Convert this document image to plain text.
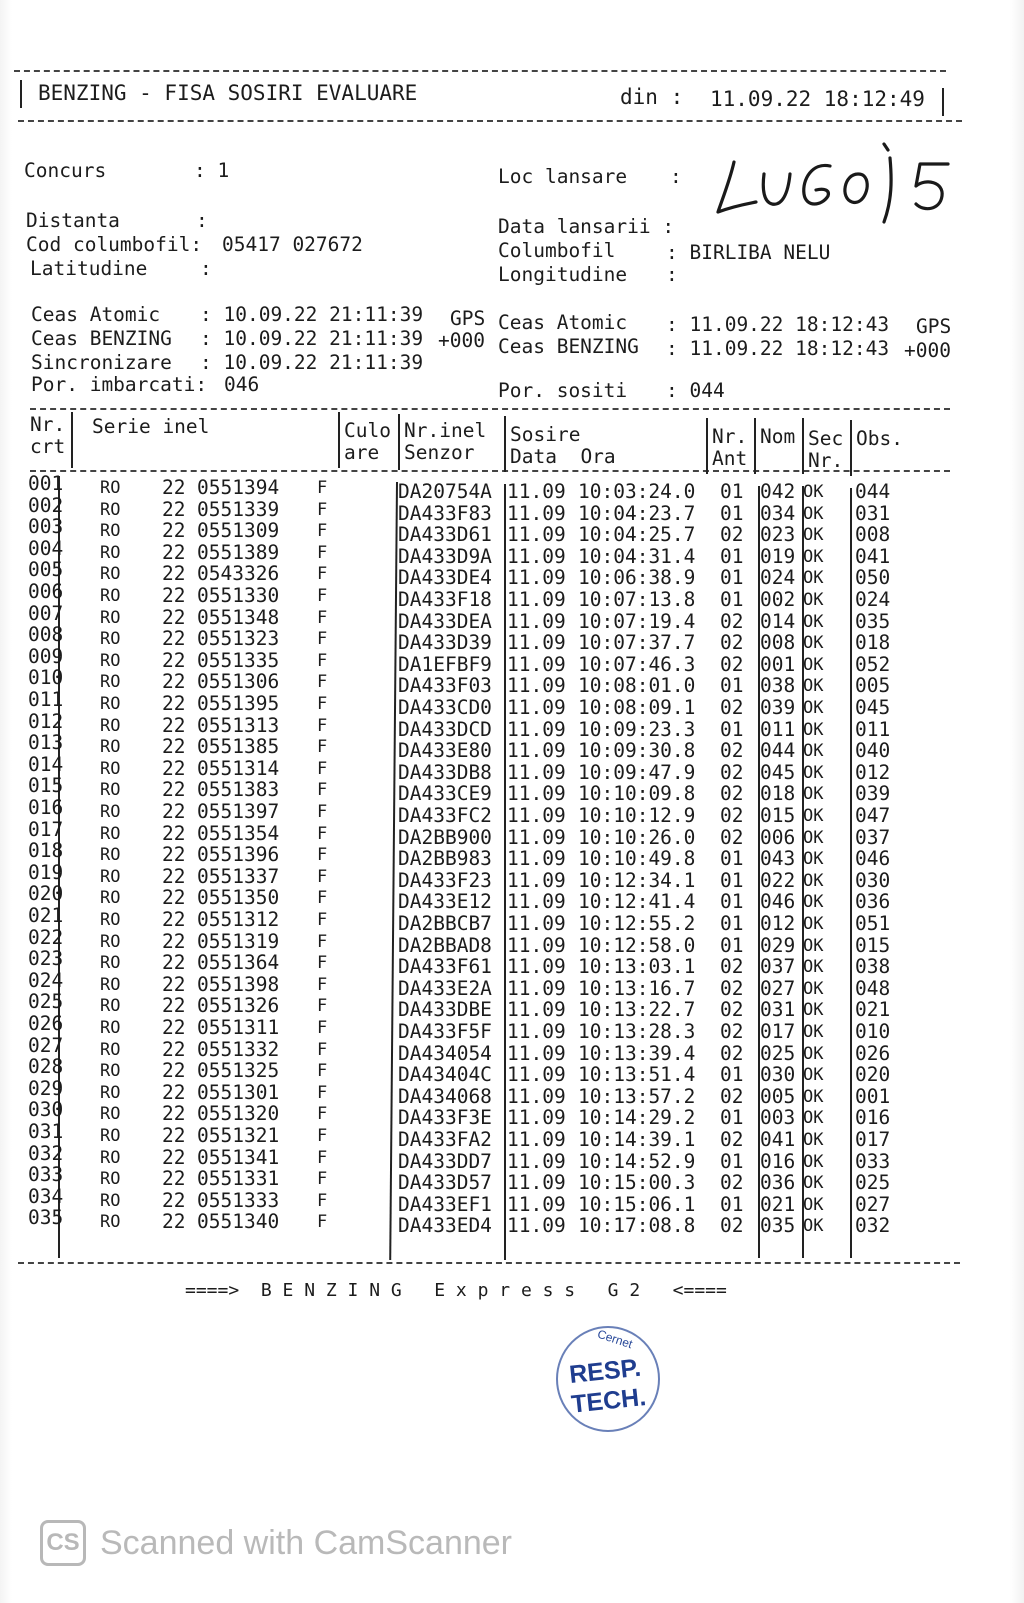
BENZING - FISA SOSIRI EVALUARE	din : 11.09.22 18:12:49
Concurs	: 1	Loc lansare :
LUGOJ 5
Distanta	:
Cod columbofil: 05417 027672
Latitudine	:
Data lansarii :
Columbofil	: BIRLIBA NELU
Longitudine :
Ceas Atomic : 10.09.22 21:11:39 GPS
Ceas BENZING : 10.09.22 21:11:39 +000
Sincronizare : 10.09.22 21:11:39
Por. imbarcati: 046
Ceas Atomic : 11.09.22 18:12:43 GPS
Ceas BENZING : 11.09.22 18:12:43 +000
Por. sositi : 044
Nr.
crt
Serie inel	Culo
are
Nr.inel
Senzor
Sosire
Data  Ora
Nr.
Ant
Nom Sec
Nr.
Obs.
001 RO 22 0551394 F	DA20754A 11.09 10:03:24.0 01 042 OK 044
002 RO 22 0551339 F	DA433F83 11.09 10:04:23.7 01 034 OK 031
003 RO 22 0551309 F	DA433D61 11.09 10:04:25.7 02 023 OK 008
004 RO 22 0551389 F	DA433D9A 11.09 10:04:31.4 01 019 OK 041
005 RO 22 0543326 F	DA433DE4 11.09 10:06:38.9 01 024 OK 050
006 RO 22 0551330 F	DA433F18 11.09 10:07:13.8 01 002 OK 024
007 RO 22 0551348 F	DA433DEA 11.09 10:07:19.4 02 014 OK 035
008 RO 22 0551323 F	DA433D39 11.09 10:07:37.7 02 008 OK 018
009 RO 22 0551335 F	DA1EFBF9 11.09 10:07:46.3 02 001 OK 052
010 RO 22 0551306 F	DA433F03 11.09 10:08:01.0 01 038 OK 005
011 RO 22 0551395 F	DA433CD0 11.09 10:08:09.1 02 039 OK 045
012 RO 22 0551313 F	DA433DCD 11.09 10:09:23.3 01 011 OK 011
013 RO 22 0551385 F	DA433E80 11.09 10:09:30.8 02 044 OK 040
014 RO 22 0551314 F	DA433DB8 11.09 10:09:47.9 02 045 OK 012
015 RO 22 0551383 F	DA433CE9 11.09 10:10:09.8 02 018 OK 039
016 RO 22 0551397 F	DA433FC2 11.09 10:10:12.9 02 015 OK 047
017 RO 22 0551354 F	DA2BB900 11.09 10:10:26.0 02 006 OK 037
018 RO 22 0551396 F	DA2BB983 11.09 10:10:49.8 01 043 OK 046
019 RO 22 0551337 F	DA433F23 11.09 10:12:34.1 01 022 OK 030
020 RO 22 0551350 F	DA433E12 11.09 10:12:41.4 01 046 OK 036
021 RO 22 0551312 F	DA2BBCB7 11.09 10:12:55.2 01 012 OK 051
022 RO 22 0551319 F	DA2BBAD8 11.09 10:12:58.0 01 029 OK 015
023 RO 22 0551364 F	DA433F61 11.09 10:13:03.1 02 037 OK 038
024 RO 22 0551398 F	DA433E2A 11.09 10:13:16.7 02 027 OK 048
025 RO 22 0551326 F	DA433DBE 11.09 10:13:22.7 02 031 OK 021
026 RO 22 0551311 F	DA433F5F 11.09 10:13:28.3 02 017 OK 010
027 RO 22 0551332 F	DA434054 11.09 10:13:39.4 02 025 OK 026
028 RO 22 0551325 F	DA43404C 11.09 10:13:51.4 01 030 OK 020
029 RO 22 0551301 F	DA434068 11.09 10:13:57.2 02 005 OK 001
030 RO 22 0551320 F	DA433F3E 11.09 10:14:29.2 01 003 OK 016
031 RO 22 0551321 F	DA433FA2 11.09 10:14:39.1 02 041 OK 017
032 RO 22 0551341 F	DA433DD7 11.09 10:14:52.9 01 016 OK 033
033 RO 22 0551331 F	DA433D57 11.09 10:15:00.3 02 036 OK 025
034 RO 22 0551333 F	DA433EF1 11.09 10:15:06.1 01 021 OK 027
035 RO 22 0551340 F	DA433ED4 11.09 10:17:08.8 02 035 OK 032
====>  B E N Z I N G   E x p r e s s   G 2   <====
Cernet
RESP.
TECH.
CS Scanned with CamScanner
